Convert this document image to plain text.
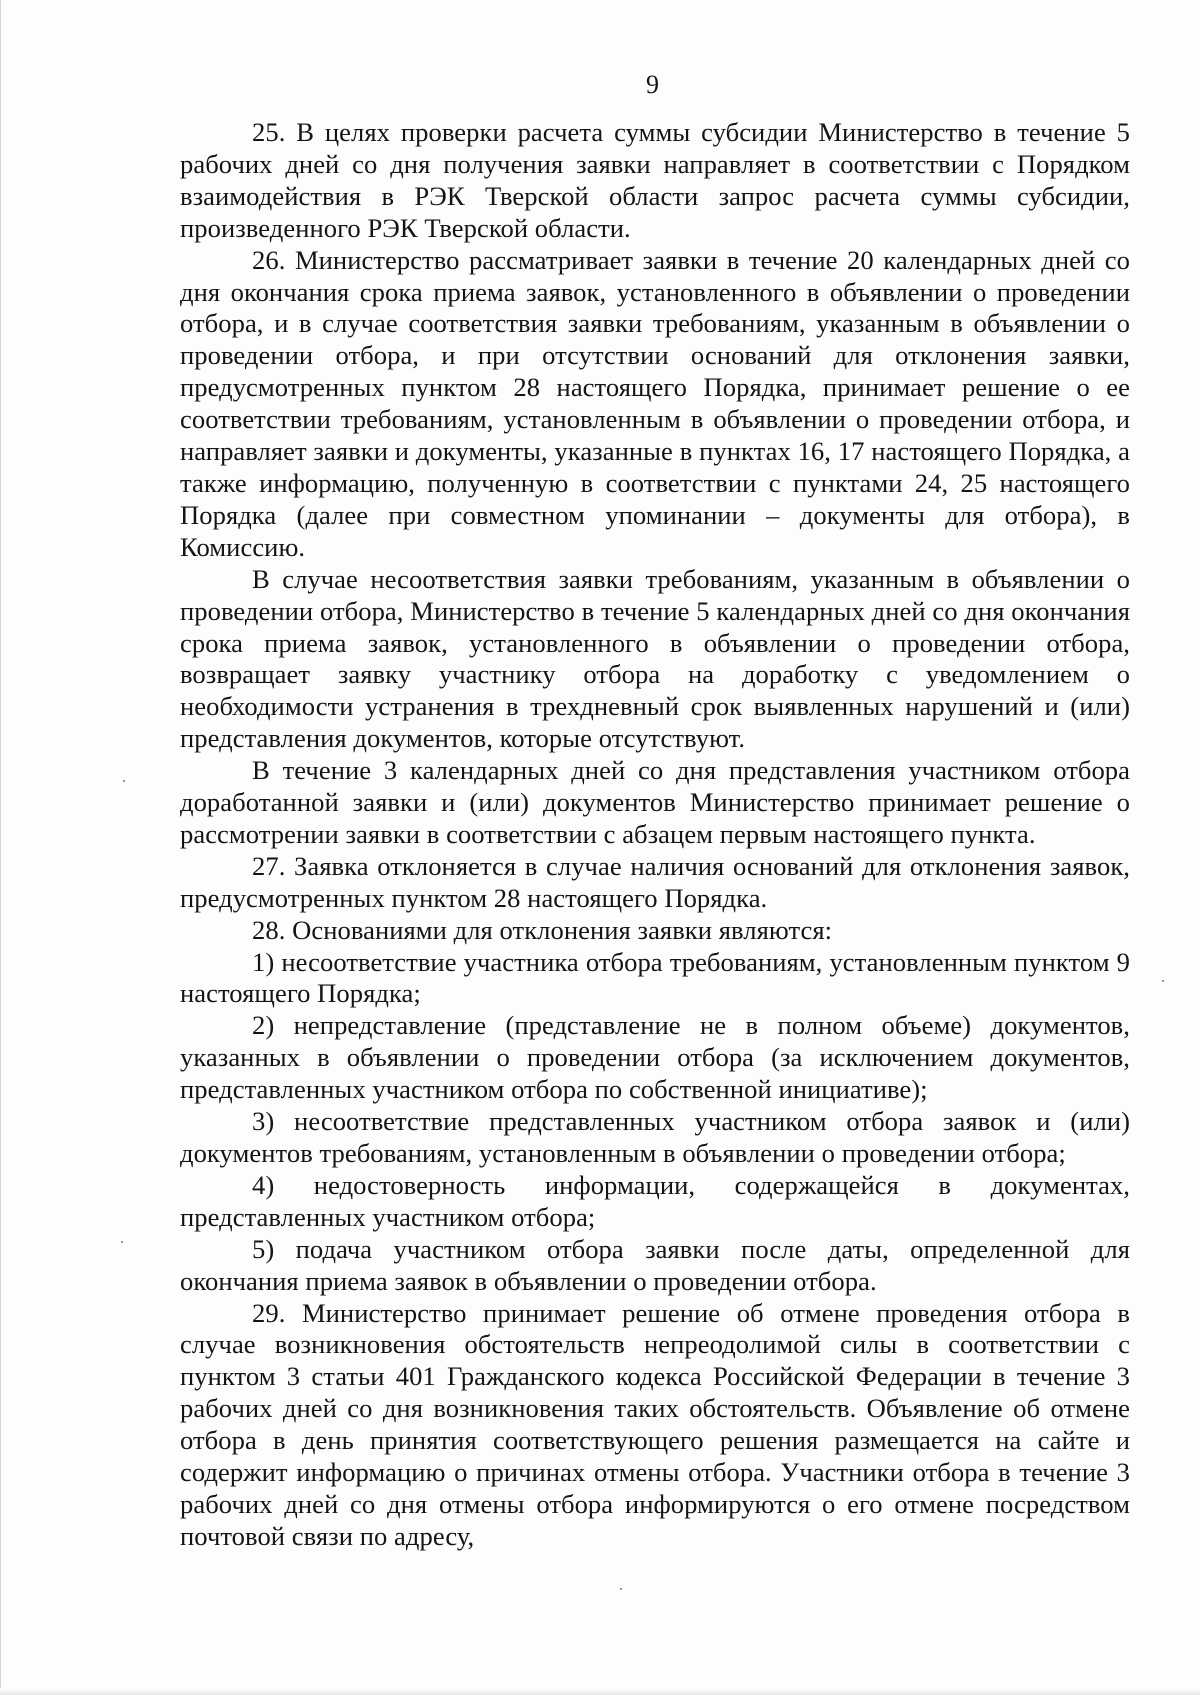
9

25. В целях проверки расчета суммы субсидии Министерство в течение 5 рабочих дней со дня получения заявки направляет в соответствии с Порядком взаимодействия в РЭК Тверской области запрос расчета суммы субсидии, произведенного РЭК Тверской области.

26. Министерство рассматривает заявки в течение 20 календарных дней со дня окончания срока приема заявок, установленного в объявлении о проведении отбора, и в случае соответствия заявки требованиям, указанным в объявлении о проведении отбора, и при отсутствии оснований для отклонения заявки, предусмотренных пунктом 28 настоящего Порядка, принимает решение о ее соответствии требованиям, установленным в объявлении о проведении отбора, и направляет заявки и документы, указанные в пунктах 16, 17 настоящего Порядка, а также информацию, полученную в соответствии с пунктами 24, 25 настоящего Порядка (далее при совместном упоминании – документы для отбора), в Комиссию.

В случае несоответствия заявки требованиям, указанным в объявлении о проведении отбора, Министерство в течение 5 календарных дней со дня окончания срока приема заявок, установленного в объявлении о проведении отбора, возвращает заявку участнику отбора на доработку с уведомлением о необходимости устранения в трехдневный срок выявленных нарушений и (или) представления документов, которые отсутствуют.

В течение 3 календарных дней со дня представления участником отбора доработанной заявки и (или) документов Министерство принимает решение о рассмотрении заявки в соответствии с абзацем первым настоящего пункта.

27. Заявка отклоняется в случае наличия оснований для отклонения заявок, предусмотренных пунктом 28 настоящего Порядка.

28. Основаниями для отклонения заявки являются:

1) несоответствие участника отбора требованиям, установленным пунктом 9 настоящего Порядка;

2) непредставление (представление не в полном объеме) документов, указанных в объявлении о проведении отбора (за исключением документов, представленных участником отбора по собственной инициативе);

3) несоответствие представленных участником отбора заявок и (или) документов требованиям, установленным в объявлении о проведении отбора;

4) недостоверность информации, содержащейся в документах, представленных участником отбора;

5) подача участником отбора заявки после даты, определенной для окончания приема заявок в объявлении о проведении отбора.

29. Министерство принимает решение об отмене проведения отбора в случае возникновения обстоятельств непреодолимой силы в соответствии с пунктом 3 статьи 401 Гражданского кодекса Российской Федерации в течение 3 рабочих дней со дня возникновения таких обстоятельств. Объявление об отмене отбора в день принятия соответствующего решения размещается на сайте и содержит информацию о причинах отмены отбора. Участники отбора в течение 3 рабочих дней со дня отмены отбора информируются о его отмене посредством почтовой связи по адресу,
